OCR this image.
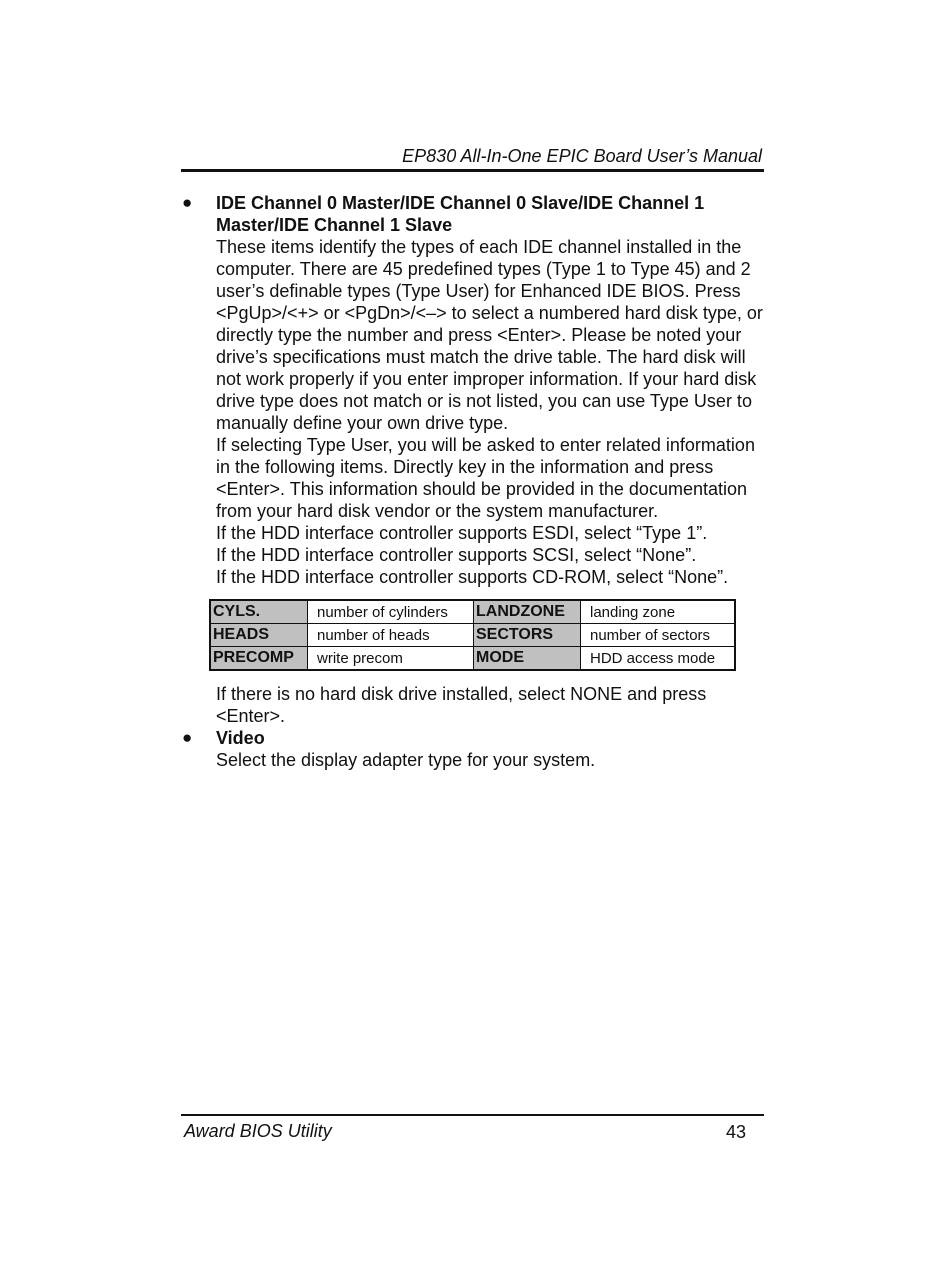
EP830 All-In-One EPIC Board User’s Manual
● IDE Channel 0 Master/IDE Channel 0 Slave/IDE Channel 1 Master/IDE Channel 1 Slave
These items identify the types of each IDE channel installed in the computer. There are 45 predefined types (Type 1 to Type 45) and 2 user’s definable types (Type User) for Enhanced IDE BIOS. Press <PgUp>/<+> or <PgDn>/<–> to select a numbered hard disk type, or directly type the number and press <Enter>. Please be noted your drive’s specifications must match the drive table. The hard disk will not work properly if you enter improper information. If your hard disk drive type does not match or is not listed, you can use Type User to manually define your own drive type.
If selecting Type User, you will be asked to enter related information in the following items. Directly key in the information and press <Enter>. This information should be provided in the documentation from your hard disk vendor or the system manufacturer.
If the HDD interface controller supports ESDI, select “Type 1”.
If the HDD interface controller supports SCSI, select “None”.
If the HDD interface controller supports CD-ROM, select “None”.
CYLS.	number of cylinders	LANDZONE	landing zone
HEADS	number of heads	SECTORS	number of sectors
PRECOMP	write precom	MODE	HDD access mode
If there is no hard disk drive installed, select NONE and press <Enter>.
● Video
Select the display adapter type for your system.
Award BIOS Utility	43
